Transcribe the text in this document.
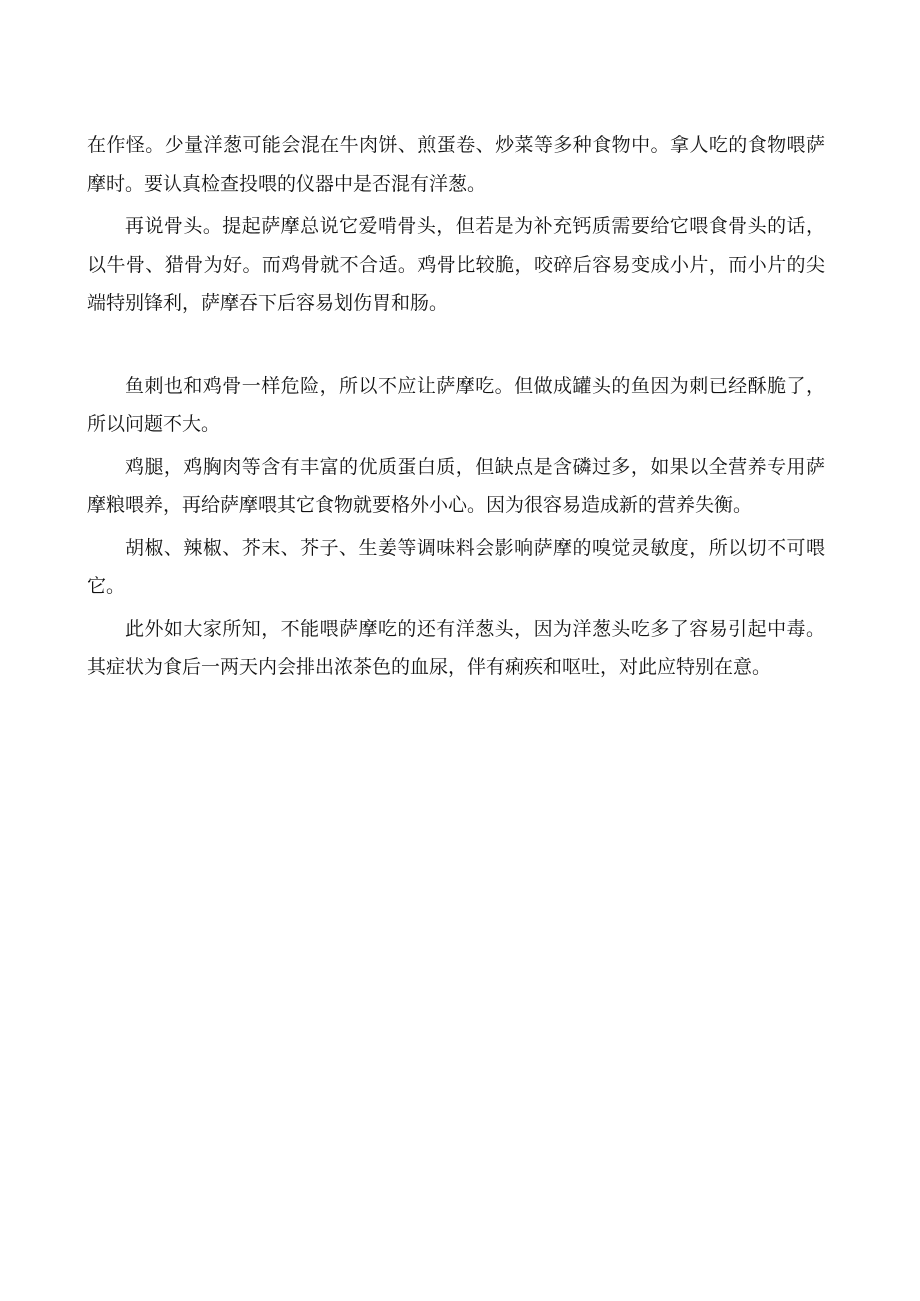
在作怪。少量洋葱可能会混在牛肉饼、煎蛋卷、炒菜等多种食物中。拿人吃的食物喂萨摩时。要认真检查投喂的仪器中是否混有洋葱。

再说骨头。提起萨摩总说它爱啃骨头，但若是为补充钙质需要给它喂食骨头的话，以牛骨、猎骨为好。而鸡骨就不合适。鸡骨比较脆，咬碎后容易变成小片，而小片的尖端特别锋利，萨摩吞下后容易划伤胃和肠。

鱼刺也和鸡骨一样危险，所以不应让萨摩吃。但做成罐头的鱼因为刺已经酥脆了，所以问题不大。

鸡腿，鸡胸肉等含有丰富的优质蛋白质，但缺点是含磷过多，如果以全营养专用萨摩粮喂养，再给萨摩喂其它食物就要格外小心。因为很容易造成新的营养失衡。

胡椒、辣椒、芥末、芥子、生姜等调味料会影响萨摩的嗅觉灵敏度，所以切不可喂它。

此外如大家所知，不能喂萨摩吃的还有洋葱头，因为洋葱头吃多了容易引起中毒。其症状为食后一两天内会排出浓茶色的血尿，伴有痢疾和呕吐，对此应特别在意。
